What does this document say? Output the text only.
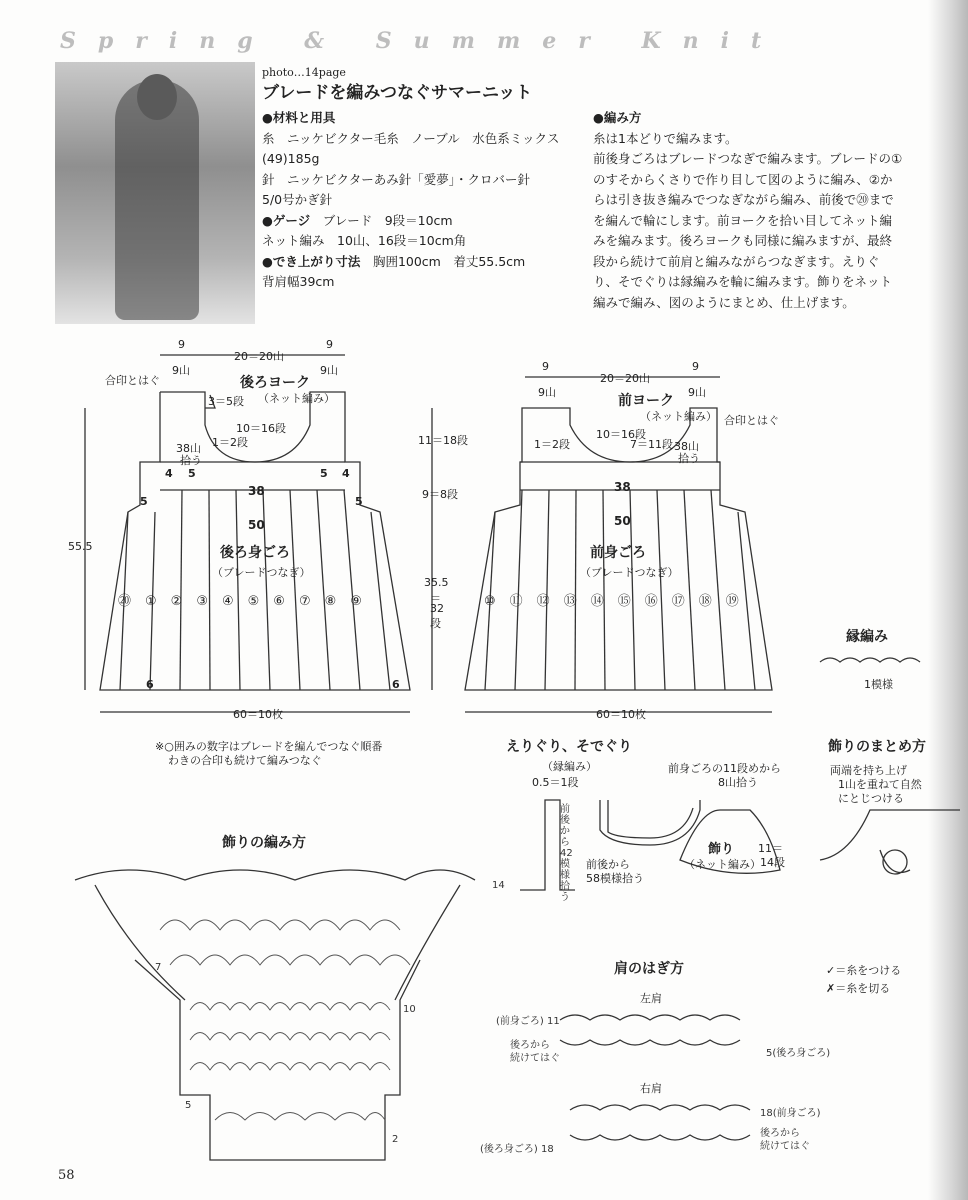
Spring & Summer Knit
photo…14page
ブレードを編みつなぐサマーニット
●材料と用具
糸　ニッケビクター毛糸　ノーブル　水色系ミックス
(49)185g
針　ニッケビクターあみ針「愛夢」・クロバー針
5/0号かぎ針
●ゲージ　 ブレード　9段＝10cm
ネット編み　10山、16段＝10cm角
●でき上がり寸法　 胸囲100cm　着丈55.5cm
背肩幅39cm
●編み方
糸は1本どりで編みます。
前後身ごろはブレードつなぎで編みます。ブレードの①のすそからくさりで作り目して図のように編み、②からは引き抜き編みでつなぎながら編み、前後で⑳までを編んで輪にします。前ヨークを拾い目してネット編みを編みます。後ろヨークも同様に編みますが、最終段から続けて前肩と編みながらつなぎます。えりぐり、そでぐりは縁編みを輪に編みます。飾りをネット編みで編み、図のようにまとめ、仕上げます。
9
9山
20＝20山
9
9山
合印とはぐ	後ろヨーク
（ネット編み）
3＝5段
10＝16段
1＝2段
38山
拾う
38
50
後ろ身ごろ
（ブレードつなぎ）
⑳①②③④⑤⑥⑦⑧⑨
4 5	5 4
5	5
6	6
60＝10枚
55.5
11＝18段
9＝8段
35.5
＝
32
段
9
9山
20＝20山
9
9山
合印とはぐ
前ヨーク
（ネット編み）
1＝2段
10＝16段
7＝11段 38山
拾う
38
50
前身ごろ
（ブレードつなぎ）
⑩⑪⑫⑬⑭⑮⑯⑰⑱⑲
60＝10枚
※○囲みの数字はブレードを編んでつなぐ順番
わきの合印も続けて編みつなぐ
縁編み
1模様
えりぐり、そでぐり
（縁編み）
0.5＝1段
前後から42模様拾う
前後から
58模様拾う
前身ごろの11段めから
8山拾う
飾り
（ネット編み）
11＝
14段
飾りのまとめ方
両端を持ち上げ
1山を重ねて自然
にとじつける
飾りの編み方
14
10
7
5
2
肩のはぎ方
左肩
(前身ごろ) 11
後ろから
続けてはぐ	5(後ろ身ごろ)
右肩
18(前身ごろ)
後ろから
続けてはぐ
(後ろ身ごろ) 18
✓＝糸をつける
✗＝糸を切る
58
